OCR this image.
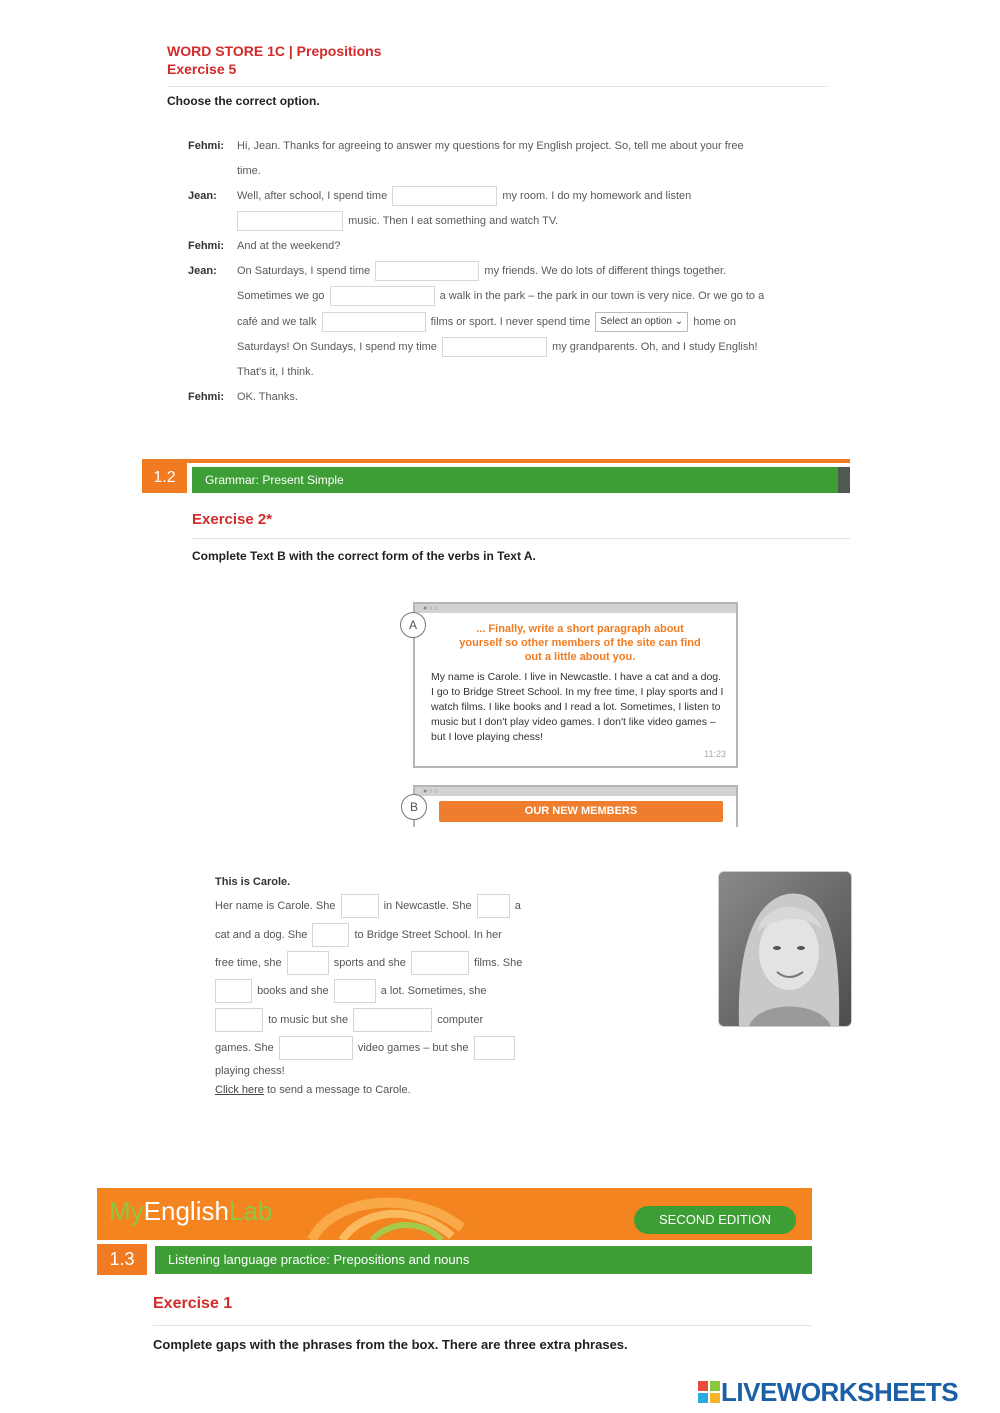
WORD STORE 1C | Prepositions
Exercise 5
Choose the correct option.
Fehmi: Hi, Jean. Thanks for agreeing to answer my questions for my English project. So, tell me about your free
time.
Jean: Well, after school, I spend time	my room. I do my homework and listen
music. Then I eat something and watch TV.
Fehmi: And at the weekend?
Jean: On Saturdays, I spend time	my friends. We do lots of different things together.
Sometimes we go	a walk in the park – the park in our town is very nice. Or we go to a
café and we talk	films or sport. I never spend time Select an option ⌄ home on
Saturdays! On Sundays, I spend my time	my grandparents. Oh, and I study English!
That's it, I think.
Fehmi: OK. Thanks.
1.2	Grammar: Present Simple
Exercise 2*
Complete Text B with the correct form of the verbs in Text A.
●○○
... Finally, write a short paragraph about yourself so other members of the site can find out a little about you.
My name is Carole. I live in Newcastle. I have a cat and a dog. I go to Bridge Street School. In my free time, I play sports and I watch films. I like books and I read a lot. Sometimes, I listen to music but I don't play video games. I don't like video games – but I love playing chess!
11:23
A
●○○
OUR NEW MEMBERS
B
This is Carole.
Her name is Carole. She	in Newcastle. She	a
cat and a dog. She	to Bridge Street School. In her
free time, she	sports and she	films. She
books and she	a lot. Sometimes, she
to music but she	computer
games. She	video games – but she
playing chess!
Click here to send a message to Carole.
MyEnglishLab	SECOND EDITION
1.3	Listening language practice: Prepositions and nouns
Exercise 1
Complete gaps with the phrases from the box. There are three extra phrases.
LIVEWORKSHEETS
